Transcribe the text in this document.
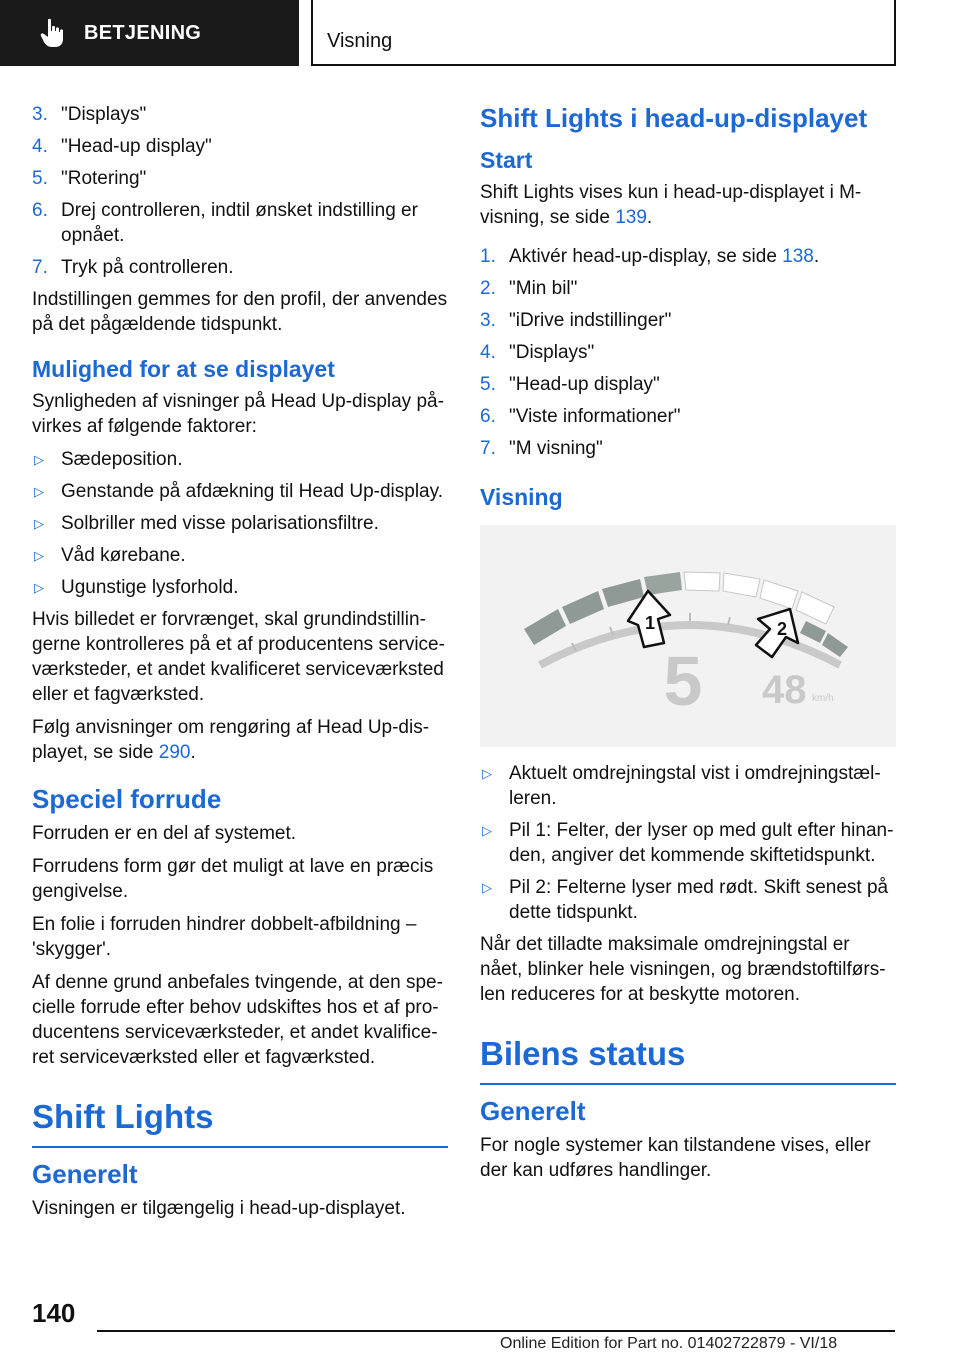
BETJENING	Visning
3. "Displays"
4. "Head-up display"
5. "Rotering"
6. Drej controlleren, indtil ønsket indstilling er opnået.
7. Tryk på controlleren.

Indstillingen gemmes for den profil, der anvendes på det pågældende tidspunkt.

Mulighed for at se displayet

Synligheden af visninger på Head Up-display påvirkes af følgende faktorer:

▷ Sædeposition.
▷ Genstande på afdækning til Head Up-display.
▷ Solbriller med visse polarisationsfiltre.
▷ Våd kørebane.
▷ Ugunstige lysforhold.

Hvis billedet er forvrænget, skal grundindstillingerne kontrolleres på et af producentens serviceværksteder, et andet kvalificeret serviceværksted eller et fagværksted.

Følg anvisninger om rengøring af Head Up-displayet, se side 290.

Speciel forrude

Forruden er en del af systemet.

Forrudens form gør det muligt at lave en præcis gengivelse.

En folie i forruden hindrer dobbelt-afbildning – 'skygger'.

Af denne grund anbefales tvingende, at den specielle forrude efter behov udskiftes hos et af producentens serviceværksteder, et andet kvalificeret serviceværksted eller et fagværksted.

Shift Lights
Generelt

Visningen er tilgængelig i head-up-displayet.

Shift Lights i head-up-displayet
Start

Shift Lights vises kun i head-up-displayet i M-visning, se side 139.

1. Aktivér head-up-display, se side 138.
2. "Min bil"
3. "iDrive indstillinger"
4. "Displays"
5. "Head-up display"
6. "Viste informationer"
7. "M visning"
Visning
1	2
5 48 km/h
▷ Aktuelt omdrejningstal vist i omdrejningstælleren.
▷ Pil 1: Felter, der lyser op med gult efter hinanden, angiver det kommende skiftetidspunkt.
▷ Pil 2: Felterne lyser med rødt. Skift senest på dette tidspunkt.

Når det tilladte maksimale omdrejningstal er nået, blinker hele visningen, og brændstoftilførslen reduceres for at beskytte motoren.

Bilens status
Generelt

For nogle systemer kan tilstandene vises, eller der kan udføres handlinger.

140
Online Edition for Part no. 01402722879 - VI/18
